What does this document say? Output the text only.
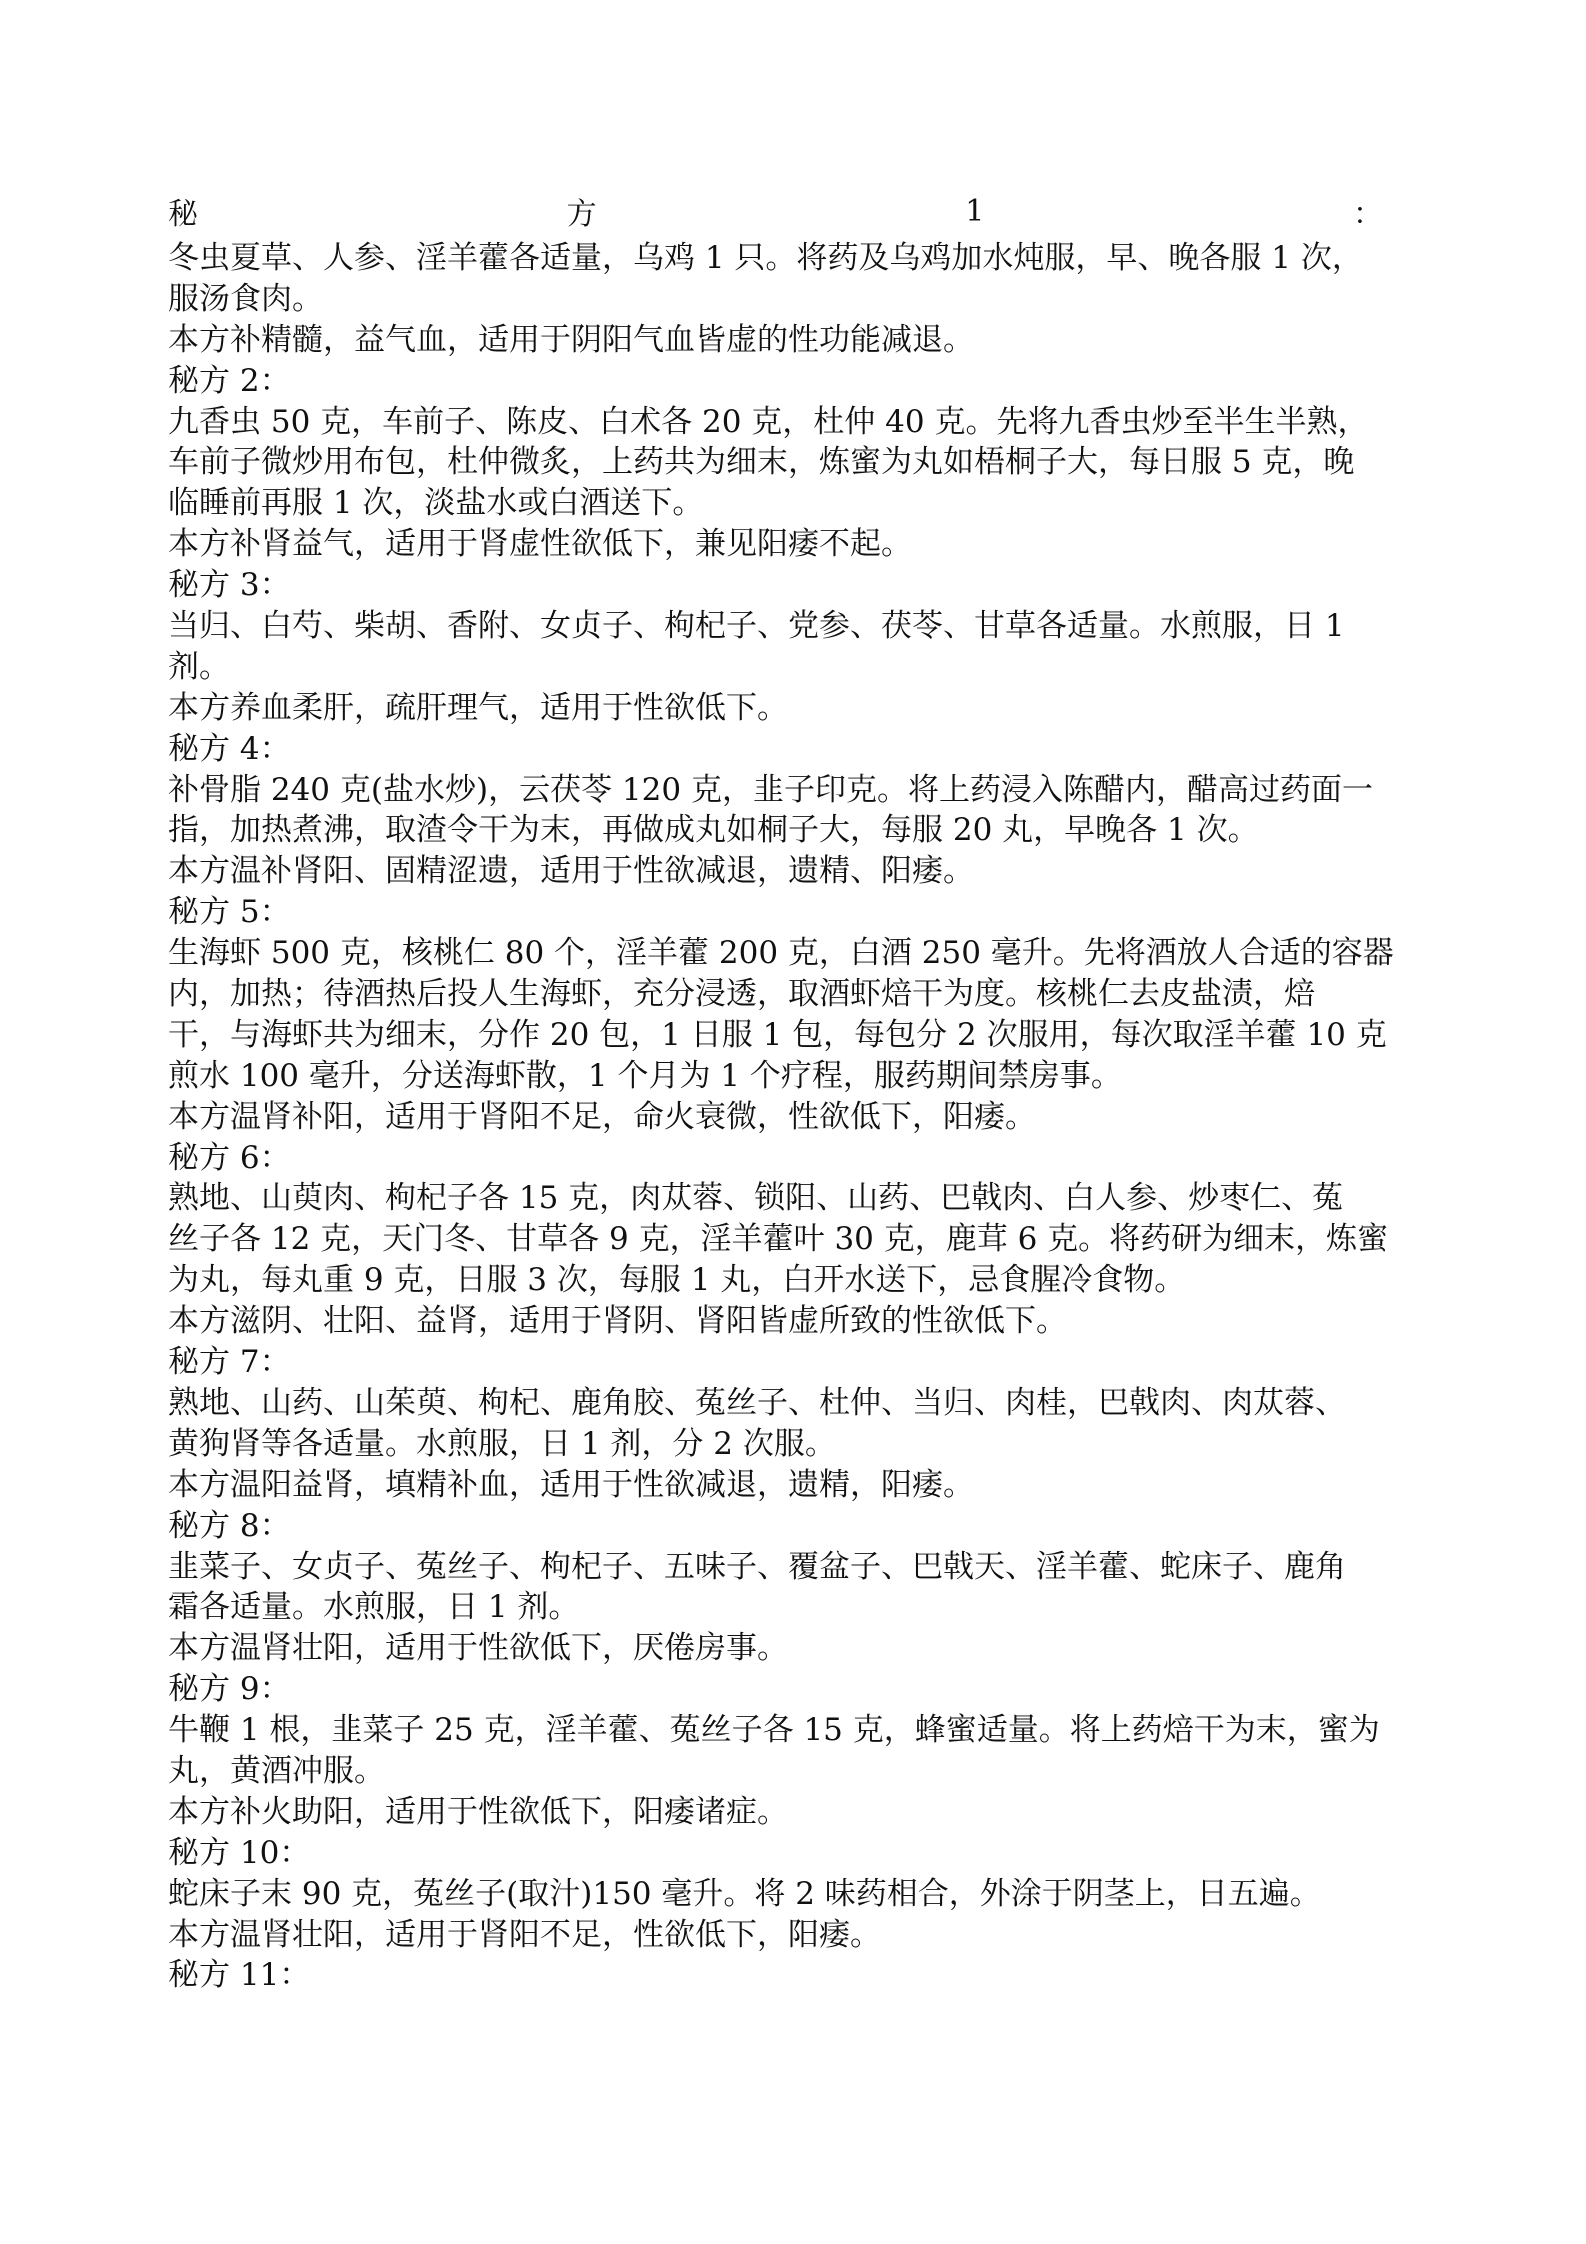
秘	方	1	：
冬虫夏草、人参、淫羊藿各适量，乌鸡 1 只。将药及乌鸡加水炖服，早、晚各服 1 次，
服汤食肉。
本方补精髓，益气血，适用于阴阳气血皆虚的性功能减退。
秘方 2：
九香虫 50 克，车前子、陈皮、白术各 20 克，杜仲 40 克。先将九香虫炒至半生半熟，
车前子微炒用布包，杜仲微炙，上药共为细末，炼蜜为丸如梧桐子大，每日服 5 克，晚
临睡前再服 1 次，淡盐水或白酒送下。
本方补肾益气，适用于肾虚性欲低下，兼见阳痿不起。
秘方 3：
当归、白芍、柴胡、香附、女贞子、枸杞子、党参、茯苓、甘草各适量。水煎服，日 1
剂。
本方养血柔肝，疏肝理气，适用于性欲低下。
秘方 4：
补骨脂 240 克(盐水炒)，云茯苓 120 克，韭子印克。将上药浸入陈醋内，醋高过药面一
指，加热煮沸，取渣令干为末，再做成丸如桐子大，每服 20 丸，早晚各 1 次。
本方温补肾阳、固精涩遗，适用于性欲减退，遗精、阳痿。
秘方 5：
生海虾 500 克，核桃仁 80 个，淫羊藿 200 克，白酒 250 毫升。先将酒放人合适的容器
内，加热；待酒热后投人生海虾，充分浸透，取酒虾焙干为度。核桃仁去皮盐渍，焙
干，与海虾共为细末，分作 20 包，1 日服 1 包，每包分 2 次服用，每次取淫羊藿 10 克
煎水 100 毫升，分送海虾散，1 个月为 1 个疗程，服药期间禁房事。
本方温肾补阳，适用于肾阳不足，命火衰微，性欲低下，阳痿。
秘方 6：
熟地、山萸肉、枸杞子各 15 克，肉苁蓉、锁阳、山药、巴戟肉、白人参、炒枣仁、菟
丝子各 12 克，天门冬、甘草各 9 克，淫羊藿叶 30 克，鹿茸 6 克。将药研为细末，炼蜜
为丸，每丸重 9 克，日服 3 次，每服 1 丸，白开水送下，忌食腥冷食物。
本方滋阴、壮阳、益肾，适用于肾阴、肾阳皆虚所致的性欲低下。
秘方 7：
熟地、山药、山茱萸、枸杞、鹿角胶、菟丝子、杜仲、当归、肉桂，巴戟肉、肉苁蓉、
黄狗肾等各适量。水煎服，日 1 剂，分 2 次服。
本方温阳益肾，填精补血，适用于性欲减退，遗精，阳痿。
秘方 8：
韭菜子、女贞子、菟丝子、枸杞子、五味子、覆盆子、巴戟天、淫羊藿、蛇床子、鹿角
霜各适量。水煎服，日 1 剂。
本方温肾壮阳，适用于性欲低下，厌倦房事。
秘方 9：
牛鞭 1 根，韭菜子 25 克，淫羊藿、菟丝子各 15 克，蜂蜜适量。将上药焙干为末，蜜为
丸，黄酒冲服。
本方补火助阳，适用于性欲低下，阳痿诸症。
秘方 10：
蛇床子末 90 克，菟丝子(取汁)150 毫升。将 2 味药相合，外涂于阴茎上，日五遍。
本方温肾壮阳，适用于肾阳不足，性欲低下，阳痿。
秘方 11：
